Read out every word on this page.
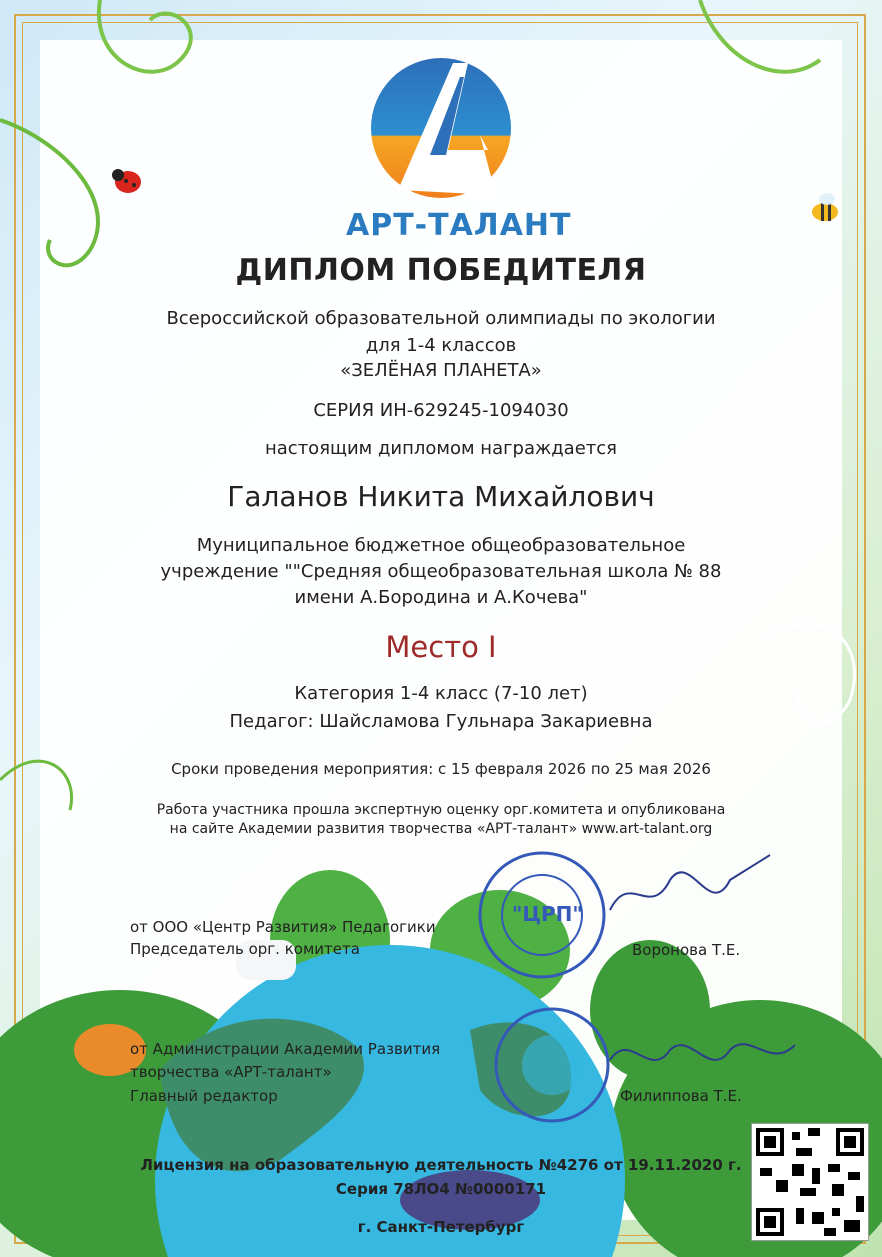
АРТ-ТАЛАНТ
ДИПЛОМ ПОБЕДИТЕЛЯ
Всероссийской образовательной олимпиады по экологии
для 1-4 классов
«ЗЕЛЁНАЯ ПЛАНЕТА»
СЕРИЯ ИН-629245-1094030
настоящим дипломом награждается
Галанов Никита Михайлович
Муниципальное бюджетное общеобразовательное
учреждение ""Средняя общеобразовательная школа № 88
имени А.Бородина и А.Кочева"
Место I
Категория 1-4 класс (7-10 лет)
Педагог: Шайсламова Гульнара Закариевна
Сроки проведения мероприятия: с 15 февраля 2026 по 25 мая 2026
Работа участника прошла экспертную оценку орг.комитета и опубликована
на сайте Академии развития творчества «АРТ-талант» www.art-talant.org
"ЦРП"
от ООО «Центр Развития» Педагогики
Председатель орг. комитета	Воронова Т.Е.
от Администрации Академии Развития
творчества «АРТ-талант»
Главный редактор	Филиппова Т.Е.
Лицензия на образовательную деятельность №4276 от 19.11.2020 г.
Серия 78ЛО4 №0000171
г. Санкт-Петербург
